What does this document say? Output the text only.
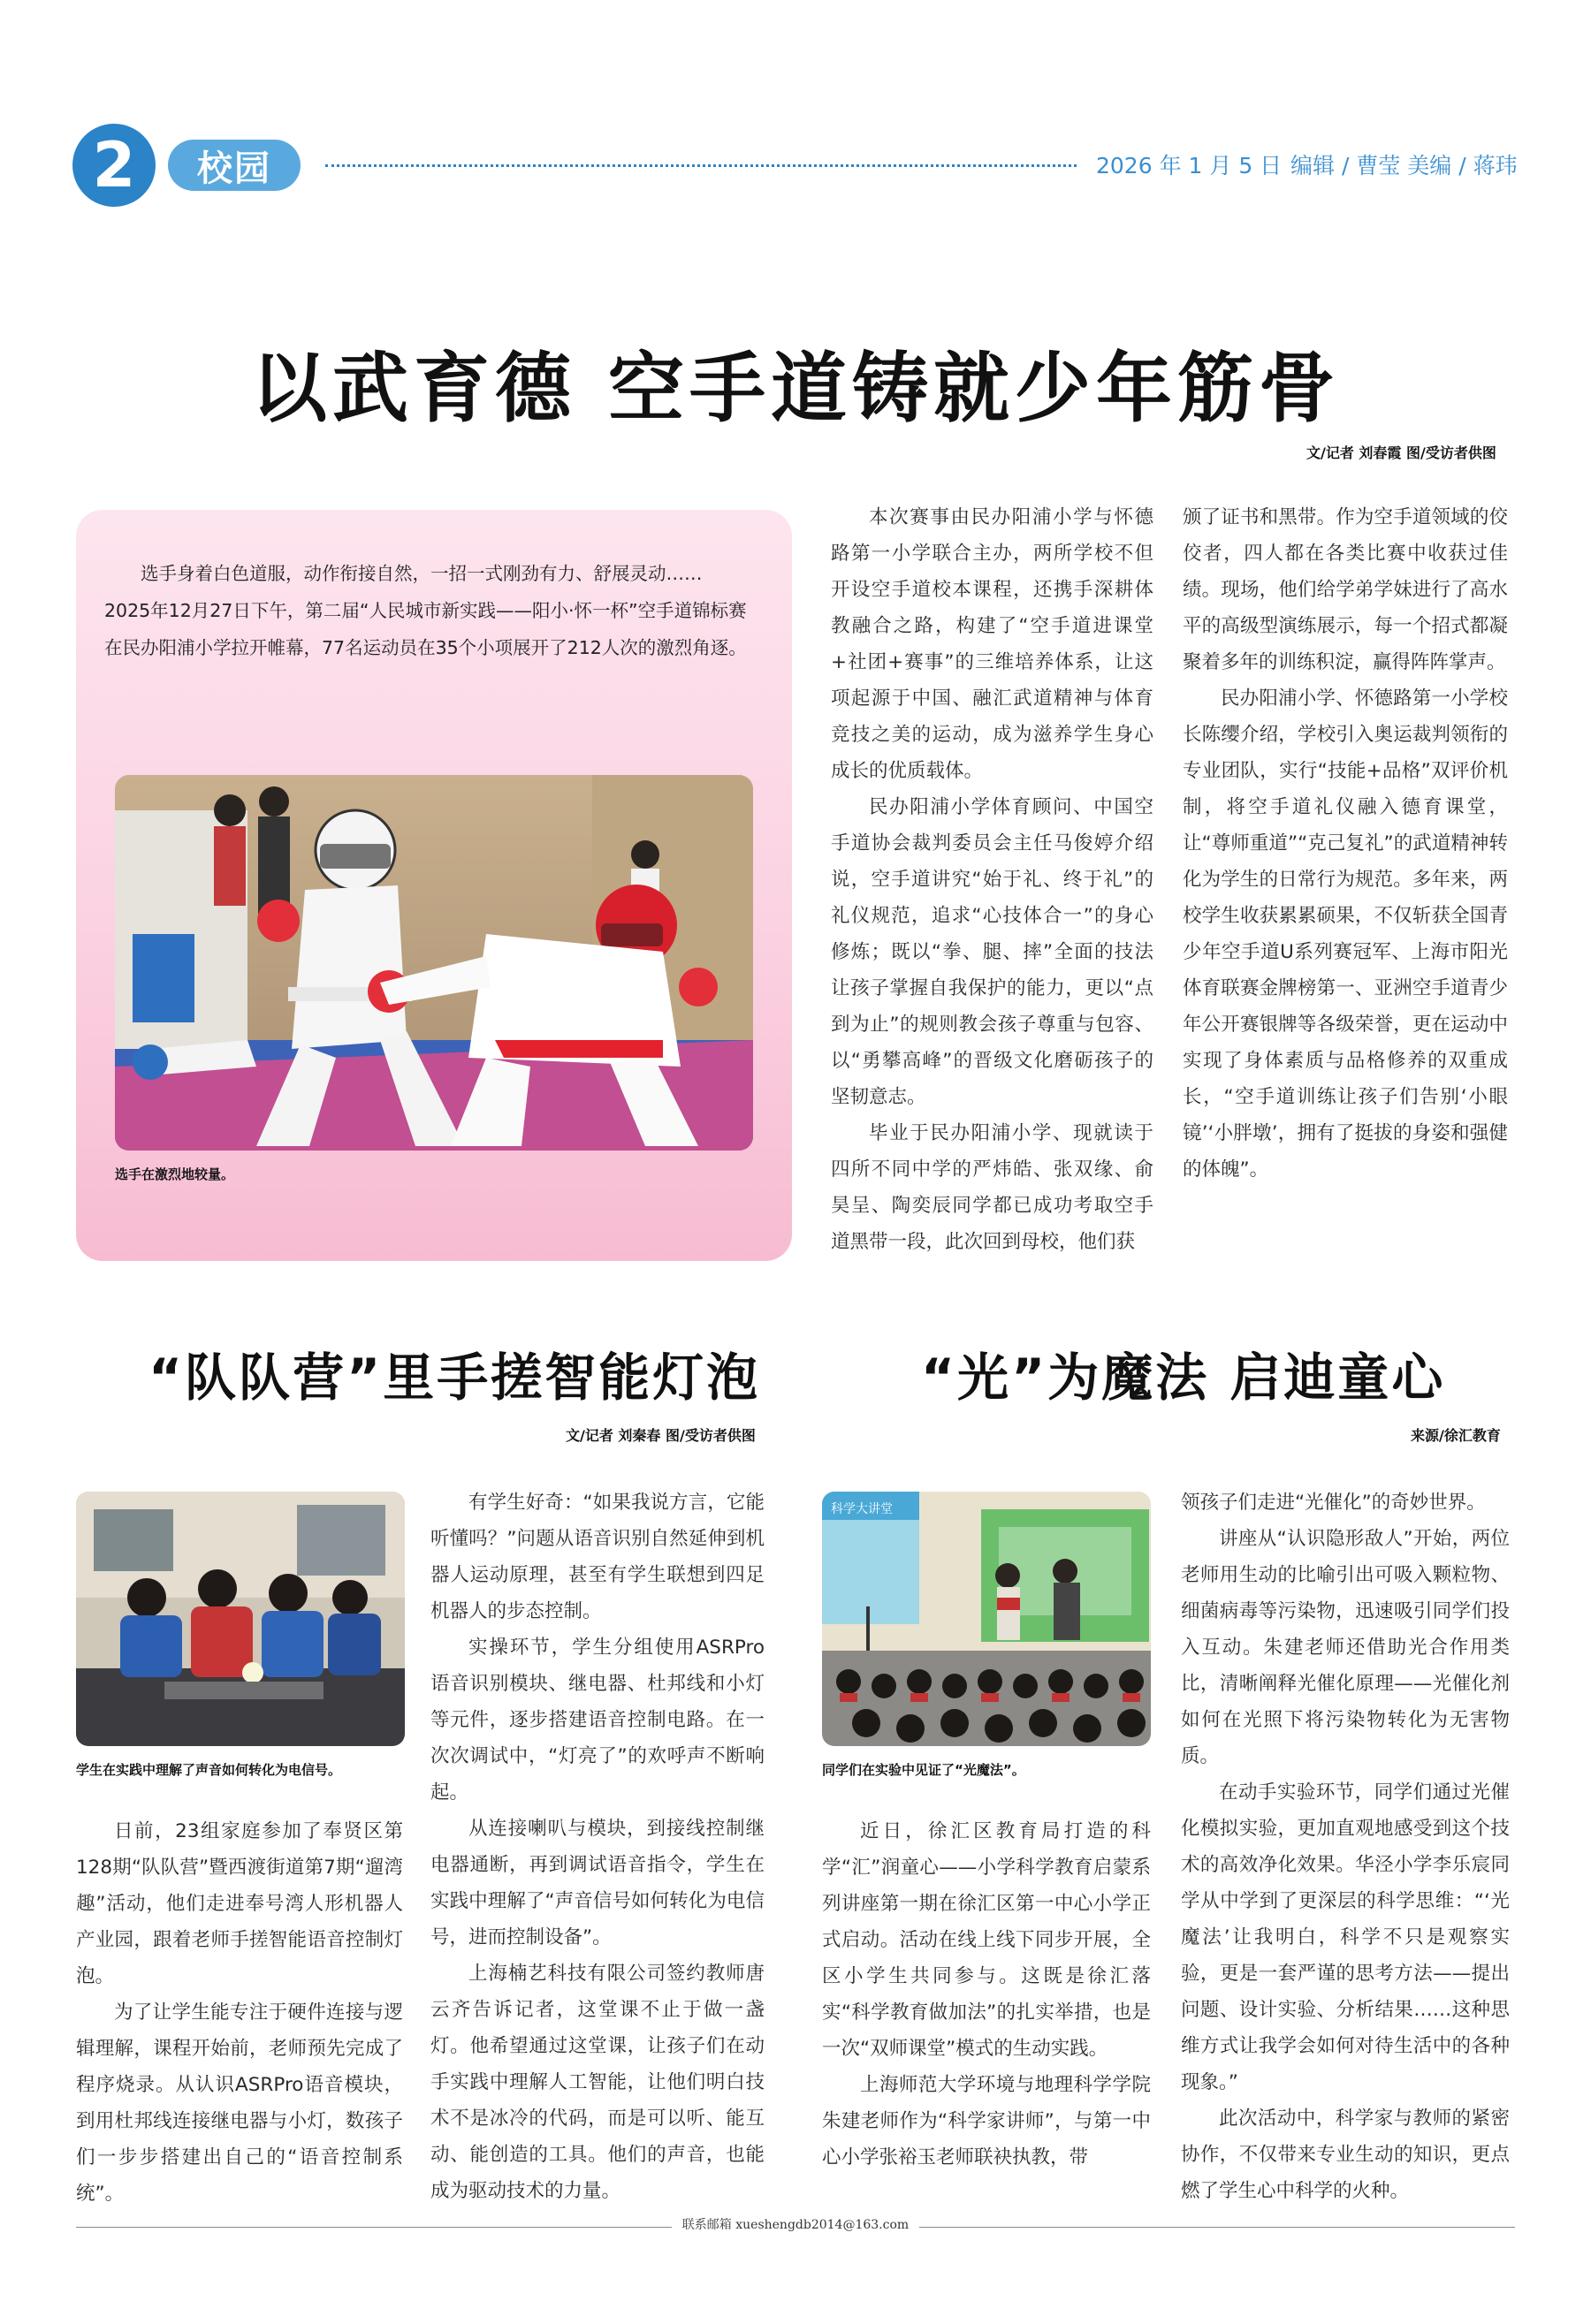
2	校园	2026 年 1 月 5 日 编辑 / 曹莹 美编 / 蒋玮
以武育德 空手道铸就少年筋骨
文/记者 刘春霞 图/受访者供图
选手身着白色道服，动作衔接自然，一招一式刚劲有力、舒展灵动……2025年12月27日下午，第二届“人民城市新实践——阳小·怀一杯”空手道锦标赛在民办阳浦小学拉开帷幕，77名运动员在35个小项展开了212人次的激烈角逐。
选手在激烈地较量。

本次赛事由民办阳浦小学与怀德路第一小学联合主办，两所学校不但开设空手道校本课程，还携手深耕体教融合之路，构建了“空手道进课堂+社团+赛事”的三维培养体系，让这项起源于中国、融汇武道精神与体育竞技之美的运动，成为滋养学生身心成长的优质载体。

民办阳浦小学体育顾问、中国空手道协会裁判委员会主任马俊婷介绍说，空手道讲究“始于礼、终于礼”的礼仪规范，追求“心技体合一”的身心修炼；既以“拳、腿、摔”全面的技法让孩子掌握自我保护的能力，更以“点到为止”的规则教会孩子尊重与包容、以“勇攀高峰”的晋级文化磨砺孩子的坚韧意志。

毕业于民办阳浦小学、现就读于四所不同中学的严炜皓、张双缘、俞昊呈、陶奕辰同学都已成功考取空手道黑带一段，此次回到母校，他们获

颁了证书和黑带。作为空手道领域的佼佼者，四人都在各类比赛中收获过佳绩。现场，他们给学弟学妹进行了高水平的高级型演练展示，每一个招式都凝聚着多年的训练积淀，赢得阵阵掌声。

民办阳浦小学、怀德路第一小学校长陈缨介绍，学校引入奥运裁判领衔的专业团队，实行“技能+品格”双评价机制，将空手道礼仪融入德育课堂，让“尊师重道”“克己复礼”的武道精神转化为学生的日常行为规范。多年来，两校学生收获累累硕果，不仅斩获全国青少年空手道U系列赛冠军、上海市阳光体育联赛金牌榜第一、亚洲空手道青少年公开赛银牌等各级荣誉，更在运动中实现了身体素质与品格修养的双重成长，“空手道训练让孩子们告别‘小眼镜’‘小胖墩’，拥有了挺拔的身姿和强健的体魄”。

“队队营”里手搓智能灯泡
文/记者 刘秦春 图/受访者供图
学生在实践中理解了声音如何转化为电信号。

日前，23组家庭参加了奉贤区第128期“队队营”暨西渡街道第7期“遛湾趣”活动，他们走进奉号湾人形机器人产业园，跟着老师手搓智能语音控制灯泡。

为了让学生能专注于硬件连接与逻辑理解，课程开始前，老师预先完成了程序烧录。从认识ASRPro语音模块，到用杜邦线连接继电器与小灯，数孩子们一步步搭建出自己的“语音控制系统”。

有学生好奇：“如果我说方言，它能听懂吗？”问题从语音识别自然延伸到机器人运动原理，甚至有学生联想到四足机器人的步态控制。

实操环节，学生分组使用ASRPro语音识别模块、继电器、杜邦线和小灯等元件，逐步搭建语音控制电路。在一次次调试中，“灯亮了”的欢呼声不断响起。

从连接喇叭与模块，到接线控制继电器通断，再到调试语音指令，学生在实践中理解了“声音信号如何转化为电信号，进而控制设备”。

上海楠艺科技有限公司签约教师唐云齐告诉记者，这堂课不止于做一盏灯。他希望通过这堂课，让孩子们在动手实践中理解人工智能，让他们明白技术不是冰冷的代码，而是可以听、能互动、能创造的工具。他们的声音，也能成为驱动技术的力量。

“光”为魔法 启迪童心
来源/徐汇教育
科学大讲堂
同学们在实验中见证了“光魔法”。

近日，徐汇区教育局打造的科学“汇”润童心——小学科学教育启蒙系列讲座第一期在徐汇区第一中心小学正式启动。活动在线上线下同步开展，全区小学生共同参与。这既是徐汇落实“科学教育做加法”的扎实举措，也是一次“双师课堂”模式的生动实践。

上海师范大学环境与地理科学学院朱建老师作为“科学家讲师”，与第一中心小学张裕玉老师联袂执教，带

领孩子们走进“光催化”的奇妙世界。

讲座从“认识隐形敌人”开始，两位老师用生动的比喻引出可吸入颗粒物、细菌病毒等污染物，迅速吸引同学们投入互动。朱建老师还借助光合作用类比，清晰阐释光催化原理——光催化剂如何在光照下将污染物转化为无害物质。

在动手实验环节，同学们通过光催化模拟实验，更加直观地感受到这个技术的高效净化效果。华泾小学李乐宸同学从中学到了更深层的科学思维：“‘光魔法’让我明白，科学不只是观察实验，更是一套严谨的思考方法——提出问题、设计实验、分析结果……这种思维方式让我学会如何对待生活中的各种现象。”

此次活动中，科学家与教师的紧密协作，不仅带来专业生动的知识，更点燃了学生心中科学的火种。

联系邮箱 xueshengdb2014@163.com
